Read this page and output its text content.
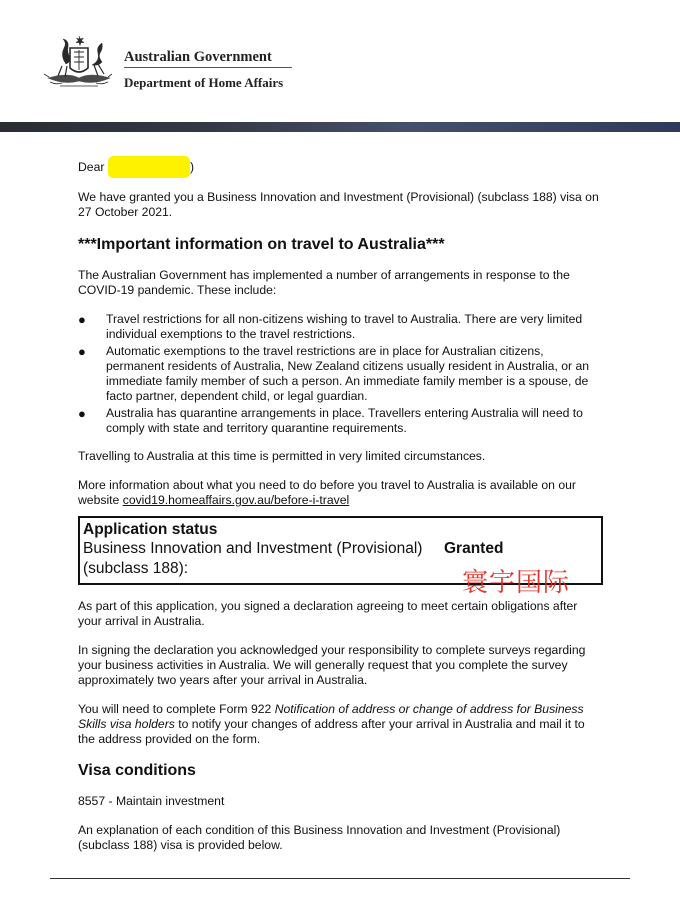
Australian Government
Department of Home Affairs

Dear	)

We have granted you a Business Innovation and Investment (Provisional) (subclass 188) visa on 27 October 2021.

***Important information on travel to Australia***

The Australian Government has implemented a number of arrangements in response to the COVID-19 pandemic. These include:

● Travel restrictions for all non-citizens wishing to travel to Australia. There are very limited individual exemptions to the travel restrictions.
● Automatic exemptions to the travel restrictions are in place for Australian citizens, permanent residents of Australia, New Zealand citizens usually resident in Australia, or an immediate family member of such a person. An immediate family member is a spouse, de facto partner, dependent child, or legal guardian.
● Australia has quarantine arrangements in place. Travellers entering Australia will need to comply with state and territory quarantine requirements.

Travelling to Australia at this time is permitted in very limited circumstances.

More information about what you need to do before you travel to Australia is available on our website covid19.homeaffairs.gov.au/before-i-travel

Application status
Business Innovation and Investment (Provisional) (subclass 188):
Granted
寰宇国际

As part of this application, you signed a declaration agreeing to meet certain obligations after your arrival in Australia.

In signing the declaration you acknowledged your responsibility to complete surveys regarding your business activities in Australia. We will generally request that you complete the survey approximately two years after your arrival in Australia.

You will need to complete Form 922 Notification of address or change of address for Business Skills visa holders to notify your changes of address after your arrival in Australia and mail it to the address provided on the form.

Visa conditions

8557 - Maintain investment

An explanation of each condition of this Business Innovation and Investment (Provisional) (subclass 188) visa is provided below.
